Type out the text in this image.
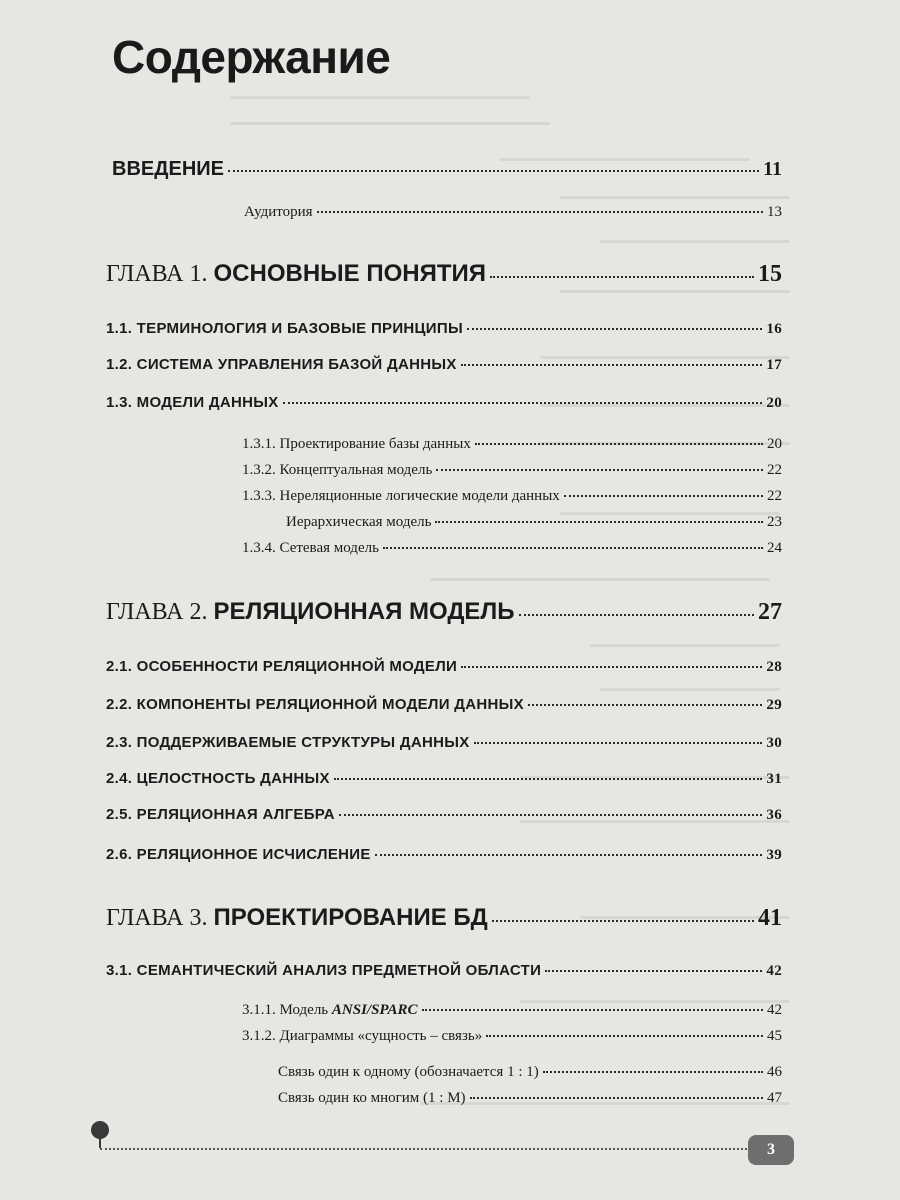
Содержание
ВВЕДЕНИЕ	11
Аудитория	13
ГЛАВА 1. ОСНОВНЫЕ ПОНЯТИЯ	15
1.1. ТЕРМИНОЛОГИЯ И БАЗОВЫЕ ПРИНЦИПЫ	16
1.2. СИСТЕМА УПРАВЛЕНИЯ БАЗОЙ ДАННЫХ	17
1.3. МОДЕЛИ ДАННЫХ	20
1.3.1. Проектирование базы данных	20
1.3.2. Концептуальная модель	22
1.3.3. Нереляционные логические модели данных	22
Иерархическая модель	23
1.3.4. Сетевая модель	24
ГЛАВА 2. РЕЛЯЦИОННАЯ МОДЕЛЬ	27
2.1. ОСОБЕННОСТИ РЕЛЯЦИОННОЙ МОДЕЛИ	28
2.2. КОМПОНЕНТЫ РЕЛЯЦИОННОЙ МОДЕЛИ ДАННЫХ	29
2.3. ПОДДЕРЖИВАЕМЫЕ СТРУКТУРЫ ДАННЫХ	30
2.4. ЦЕЛОСТНОСТЬ ДАННЫХ	31
2.5. РЕЛЯЦИОННАЯ АЛГЕБРА	36
2.6. РЕЛЯЦИОННОЕ ИСЧИСЛЕНИЕ	39
ГЛАВА 3. ПРОЕКТИРОВАНИЕ БД	41
3.1. СЕМАНТИЧЕСКИЙ АНАЛИЗ ПРЕДМЕТНОЙ ОБЛАСТИ	42
3.1.1. Модель ANSI/SPARC	42
3.1.2. Диаграммы «сущность – связь»	45
Связь один к одному (обозначается 1 : 1)	46
Связь один ко многим (1 : M)	47
3
